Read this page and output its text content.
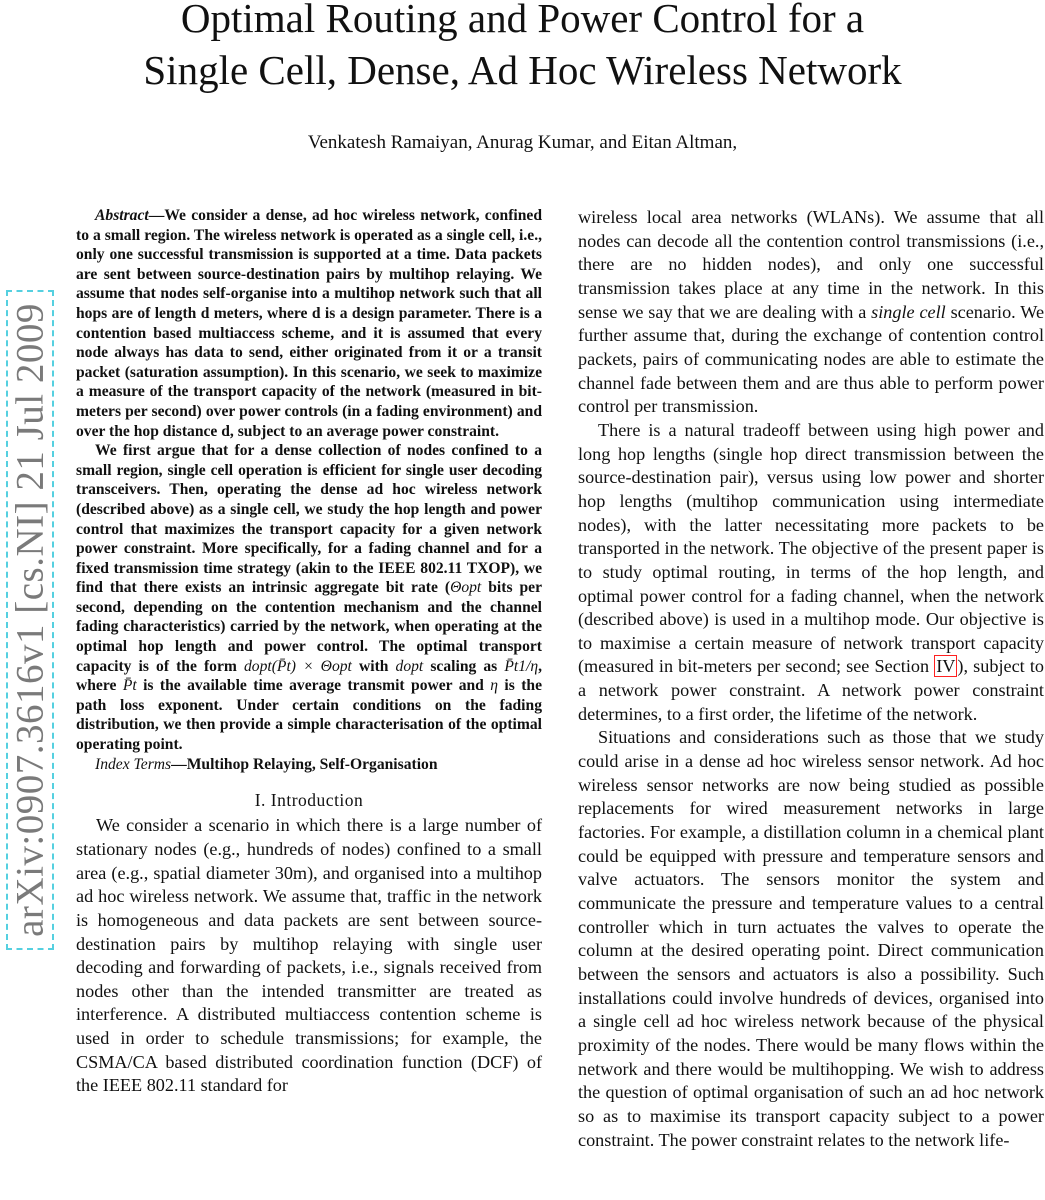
Optimal Routing and Power Control for a
Single Cell, Dense, Ad Hoc Wireless Network
Venkatesh Ramaiyan, Anurag Kumar, and Eitan Altman,
arXiv:0907.3616v1 [cs.NI] 21 Jul 2009

Abstract—We consider a dense, ad hoc wireless network, confined to a small region. The wireless network is operated as a single cell, i.e., only one successful transmission is supported at a time. Data packets are sent between source-destination pairs by multihop relaying. We assume that nodes self-organise into a multihop network such that all hops are of length d meters, where d is a design parameter. There is a contention based multiaccess scheme, and it is assumed that every node always has data to send, either originated from it or a transit packet (saturation assumption). In this scenario, we seek to maximize a measure of the transport capacity of the network (measured in bit-meters per second) over power controls (in a fading environment) and over the hop distance d, subject to an average power constraint.

We first argue that for a dense collection of nodes confined to a small region, single cell operation is efficient for single user decoding transceivers. Then, operating the dense ad hoc wireless network (described above) as a single cell, we study the hop length and power control that maximizes the transport capacity for a given network power constraint. More specifically, for a fading channel and for a fixed transmission time strategy (akin to the IEEE 802.11 TXOP), we find that there exists an intrinsic aggregate bit rate (Θopt bits per second, depending on the contention mechanism and the channel fading characteristics) carried by the network, when operating at the optimal hop length and power control. The optimal transport capacity is of the form dopt(P̄t) × Θopt with dopt scaling as P̄t1/η, where P̄t is the available time average transmit power and η is the path loss exponent. Under certain conditions on the fading distribution, we then provide a simple characterisation of the optimal operating point.

Index Terms—Multihop Relaying, Self-Organisation

I. Introduction

We consider a scenario in which there is a large number of stationary nodes (e.g., hundreds of nodes) confined to a small area (e.g., spatial diameter 30m), and organised into a multihop ad hoc wireless network. We assume that, traffic in the network is homogeneous and data packets are sent between source-destination pairs by multihop relaying with single user decoding and forwarding of packets, i.e., signals received from nodes other than the intended transmitter are treated as interference. A distributed multiaccess contention scheme is used in order to schedule transmissions; for example, the CSMA/CA based distributed coordination function (DCF) of the IEEE 802.11 standard for

wireless local area networks (WLANs). We assume that all nodes can decode all the contention control transmissions (i.e., there are no hidden nodes), and only one successful transmission takes place at any time in the network. In this sense we say that we are dealing with a single cell scenario. We further assume that, during the exchange of contention control packets, pairs of communicating nodes are able to estimate the channel fade between them and are thus able to perform power control per transmission.

There is a natural tradeoff between using high power and long hop lengths (single hop direct transmission between the source-destination pair), versus using low power and shorter hop lengths (multihop communication using intermediate nodes), with the latter necessitating more packets to be transported in the network. The objective of the present paper is to study optimal routing, in terms of the hop length, and optimal power control for a fading channel, when the network (described above) is used in a multihop mode. Our objective is to maximise a certain measure of network transport capacity (measured in bit-meters per second; see Section IV ), subject to a network power constraint. A network power constraint determines, to a first order, the lifetime of the network.

Situations and considerations such as those that we study could arise in a dense ad hoc wireless sensor network. Ad hoc wireless sensor networks are now being studied as possible replacements for wired measurement networks in large factories. For example, a distillation column in a chemical plant could be equipped with pressure and temperature sensors and valve actuators. The sensors monitor the system and communicate the pressure and temperature values to a central controller which in turn actuates the valves to operate the column at the desired operating point. Direct communication between the sensors and actuators is also a possibility. Such installations could involve hundreds of devices, organised into a single cell ad hoc wireless network because of the physical proximity of the nodes. There would be many flows within the network and there would be multihopping. We wish to address the question of optimal organisation of such an ad hoc network so as to maximise its transport capacity subject to a power constraint. The power constraint relates to the network life-
